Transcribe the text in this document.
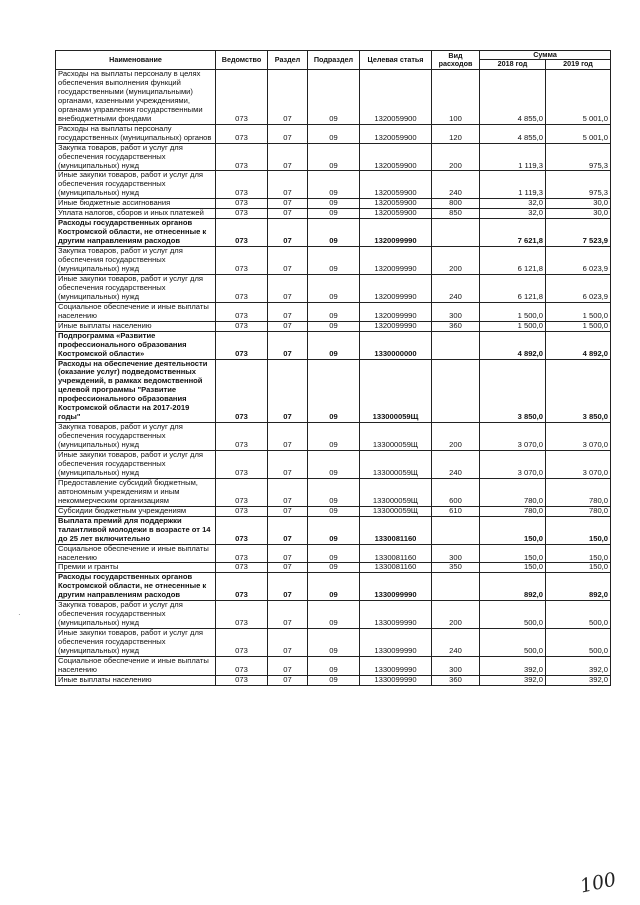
Наименование	Ведомство	Раздел	Подраздел	Целевая статья	Вид расходов	Сумма	
						2018 год	2019 год
Расходы на выплаты персоналу в целях обеспечения выполнения функций государственными (муниципальными) органами, казенными учреждениями, органами управления государственными внебюджетными фондами	073	07	09	1320059900	100	4 855,0	5 001,0
Расходы на выплаты персоналу государственных (муниципальных) органов	073	07	09	1320059900	120	4 855,0	5 001,0
Закупка товаров, работ и услуг для обеспечения государственных (муниципальных) нужд	073	07	09	1320059900	200	1 119,3	975,3
Иные закупки товаров, работ и услуг для обеспечения государственных (муниципальных) нужд	073	07	09	1320059900	240	1 119,3	975,3
Иные бюджетные ассигнования	073	07	09	1320059900	800	32,0	30,0
Уплата налогов, сборов и иных платежей	073	07	09	1320059900	850	32,0	30,0
Расходы государственных органов Костромской области, не отнесенные к другим направлениям расходов	073	07	09	1320099990		7 621,8	7 523,9
Закупка товаров, работ и услуг для обеспечения государственных (муниципальных) нужд	073	07	09	1320099990	200	6 121,8	6 023,9
Иные закупки товаров, работ и услуг для обеспечения государственных (муниципальных) нужд	073	07	09	1320099990	240	6 121,8	6 023,9
Социальное обеспечение и иные выплаты населению	073	07	09	1320099990	300	1 500,0	1 500,0
Иные выплаты населению	073	07	09	1320099990	360	1 500,0	1 500,0
Подпрограмма «Развитие профессионального образования Костромской области»	073	07	09	1330000000		4 892,0	4 892,0
Расходы на обеспечение деятельности (оказание услуг) подведомственных учреждений, в рамках ведомственной целевой программы "Развитие профессионального образования Костромской области на 2017-2019 годы"	073	07	09	133000059Щ		3 850,0	3 850,0
Закупка товаров, работ и услуг для обеспечения государственных (муниципальных) нужд	073	07	09	133000059Щ	200	3 070,0	3 070,0
Иные закупки товаров, работ и услуг для обеспечения государственных (муниципальных) нужд	073	07	09	133000059Щ	240	3 070,0	3 070,0
Предоставление субсидий бюджетным, автономным учреждениям и иным некоммерческим организациям	073	07	09	133000059Щ	600	780,0	780,0
Субсидии бюджетным учреждениям	073	07	09	133000059Щ	610	780,0	780,0
Выплата премий для поддержки талантливой молодежи в возрасте от 14 до 25 лет включительно	073	07	09	1330081160		150,0	150,0
Социальное обеспечение и иные выплаты населению	073	07	09	1330081160	300	150,0	150,0
Премии и гранты	073	07	09	1330081160	350	150,0	150,0
Расходы государственных органов Костромской области, не отнесенные к другим направлениям расходов	073	07	09	1330099990		892,0	892,0
Закупка товаров, работ и услуг для обеспечения государственных (муниципальных) нужд	073	07	09	1330099990	200	500,0	500,0
Иные закупки товаров, работ и услуг для обеспечения государственных (муниципальных) нужд	073	07	09	1330099990	240	500,0	500,0
Социальное обеспечение и иные выплаты населению	073	07	09	1330099990	300	392,0	392,0
Иные выплаты населению	073	07	09	1330099990	360	392,0	392,0
·
100
